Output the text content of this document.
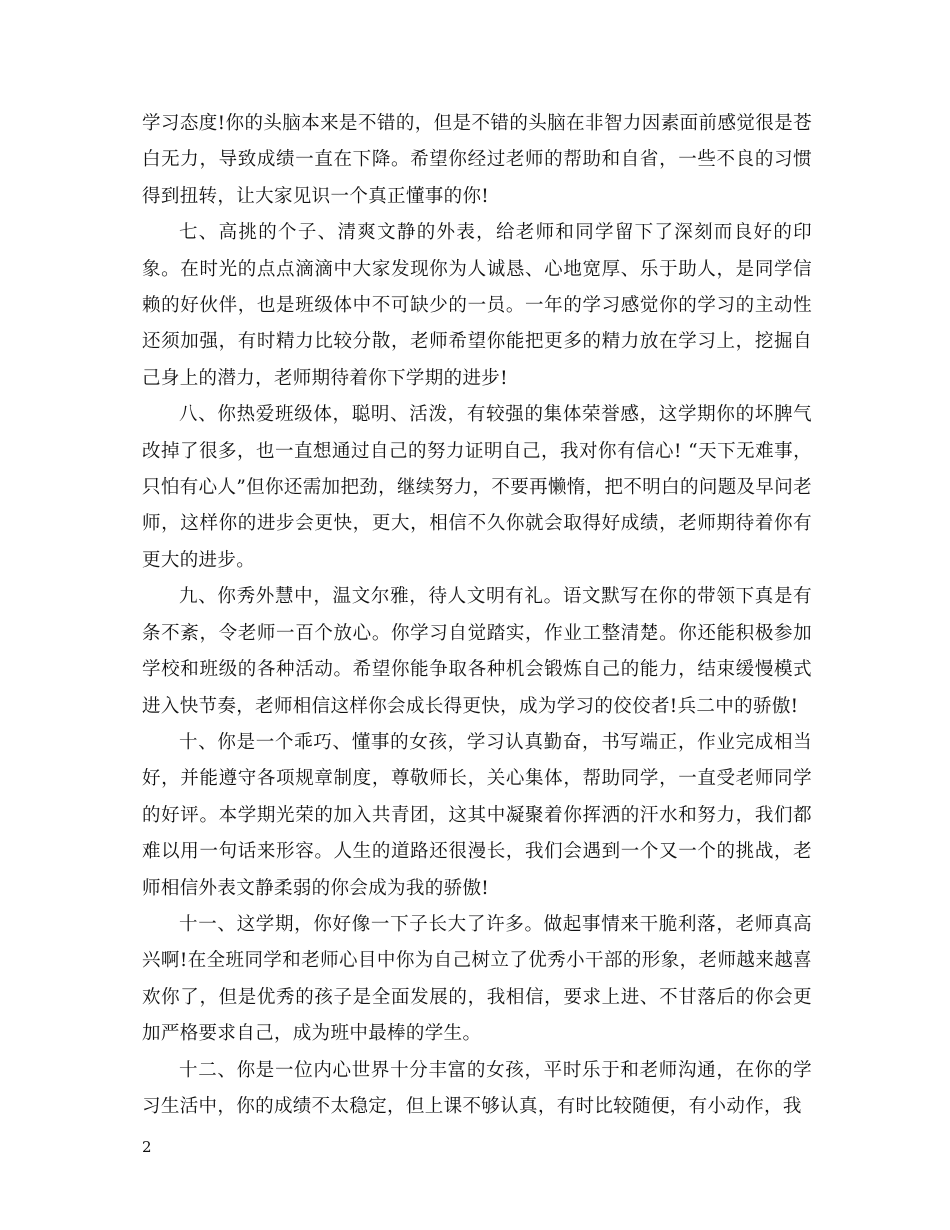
学习态度!你的头脑本来是不错的，但是不错的头脑在非智力因素面前感觉很是苍白无力，导致成绩一直在下降。希望你经过老师的帮助和自省，一些不良的习惯得到扭转，让大家见识一个真正懂事的你!

七、高挑的个子、清爽文静的外表，给老师和同学留下了深刻而良好的印象。在时光的点点滴滴中大家发现你为人诚恳、心地宽厚、乐于助人，是同学信赖的好伙伴，也是班级体中不可缺少的一员。一年的学习感觉你的学习的主动性还须加强，有时精力比较分散，老师希望你能把更多的精力放在学习上，挖掘自己身上的潜力，老师期待着你下学期的进步!

八、你热爱班级体，聪明、活泼，有较强的集体荣誉感，这学期你的坏脾气改掉了很多，也一直想通过自己的努力证明自己，我对你有信心! “天下无难事，只怕有心人”但你还需加把劲，继续努力，不要再懒惰，把不明白的问题及早问老师，这样你的进步会更快，更大，相信不久你就会取得好成绩，老师期待着你有更大的进步。

九、你秀外慧中，温文尔雅，待人文明有礼。语文默写在你的带领下真是有条不紊，令老师一百个放心。你学习自觉踏实，作业工整清楚。你还能积极参加学校和班级的各种活动。希望你能争取各种机会锻炼自己的能力，结束缓慢模式进入快节奏，老师相信这样你会成长得更快，成为学习的佼佼者!兵二中的骄傲!

十、你是一个乖巧、懂事的女孩，学习认真勤奋，书写端正，作业完成相当好，并能遵守各项规章制度，尊敬师长，关心集体，帮助同学，一直受老师同学的好评。本学期光荣的加入共青团，这其中凝聚着你挥洒的汗水和努力，我们都难以用一句话来形容。人生的道路还很漫长，我们会遇到一个又一个的挑战，老师相信外表文静柔弱的你会成为我的骄傲!

十一、这学期，你好像一下子长大了许多。做起事情来干脆利落，老师真高兴啊!在全班同学和老师心目中你为自己树立了优秀小干部的形象，老师越来越喜欢你了，但是优秀的孩子是全面发展的，我相信，要求上进、不甘落后的你会更加严格要求自己，成为班中最棒的学生。

十二、你是一位内心世界十分丰富的女孩，平时乐于和老师沟通，在你的学习生活中，你的成绩不太稳定，但上课不够认真，有时比较随便，有小动作，我

2
